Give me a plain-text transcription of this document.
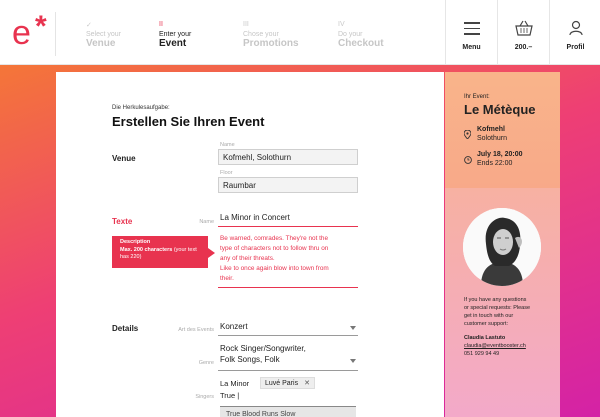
e *	✓
Select your
Venue
II
Enter your
Event
III
Chose your
Promotions
IV
Do your
Checkout	Menu	200.–	Profil
Die Herkulesaufgabe:
Erstellen Sie Ihren Event
Venue
Name
Kofmehl, Solothurn
Floor
Raumbar
Texte	Name La Minor in Concert
Description
Max. 200 characters (your text has 220)
Be warned, comrades. They're not the
type of characters not to follow thru on
any of their threats.
Like to once again blow into town from
their.
Details	Art des Events Konzert
Genre
Rock Singer/Songwriter,
Folk Songs, Folk
Singers
La Minor	Luvé Paris ✕
True |
True Blood Runs Slow
Ihr Event:
Le Métèque
Kofmehl
Solothurn
July 18, 20:00
Ends 22:00
If you have any questions
or special requests: Please
get in touch with our
customer support:
Claudia Lastuto
claudia@eventbooster.ch
051 929 94 49
